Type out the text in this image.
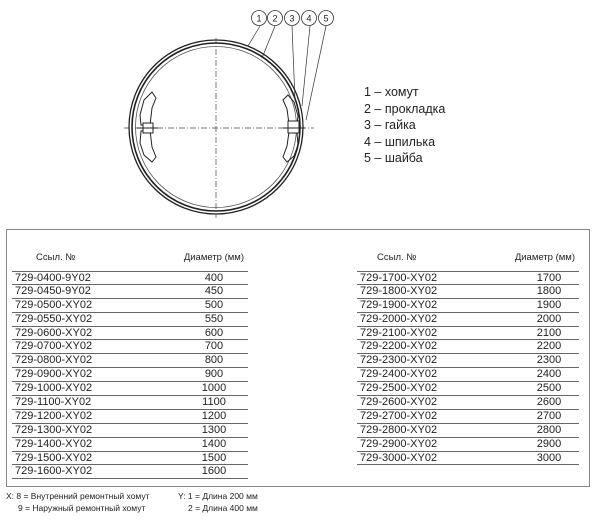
1 2 3 4 5
1 – хомут
2 – прокладка
3 – гайка
4 – шпилька
5 – шайба
Ссыл. №	Диаметр (мм)
729-0400-9Y02	400
729-0450-9Y02	450
729-0500-XY02	500
729-0550-XY02	550
729-0600-XY02	600
729-0700-XY02	700
729-0800-XY02	800
729-0900-XY02	900
729-1000-XY02	1000
729-1100-XY02	1100
729-1200-XY02	1200
729-1300-XY02	1300
729-1400-XY02	1400
729-1500-XY02	1500
729-1600-XY02	1600
Ссыл. №	Диаметр (мм)
729-1700-XY02	1700
729-1800-XY02	1800
729-1900-XY02	1900
729-2000-XY02	2000
729-2100-XY02	2100
729-2200-XY02	2200
729-2300-XY02	2300
729-2400-XY02	2400
729-2500-XY02	2500
729-2600-XY02	2600
729-2700-XY02	2700
729-2800-XY02	2800
729-2900-XY02	2900
729-3000-XY02	3000
X: 8 = Внутренний ремонтный хомут
9 = Наружный ремонтный хомут
Y: 1 = Длина 200 мм
2 = Длина 400 мм
